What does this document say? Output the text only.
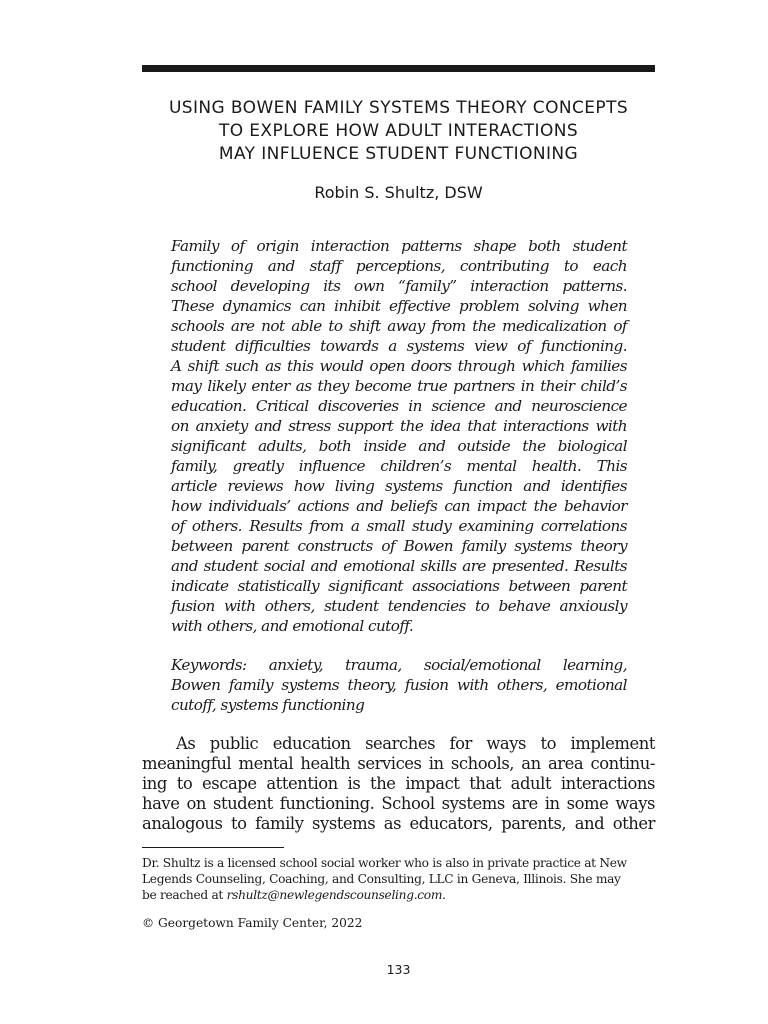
USING BOWEN FAMILY SYSTEMS THEORY CONCEPTS
TO EXPLORE HOW ADULT INTERACTIONS
MAY INFLUENCE STUDENT FUNCTIONING

Robin S. Shultz, DSW

Family of origin interaction patterns shape both student
functioning and staff perceptions, contributing to each
school developing its own “family” interaction patterns.
These dynamics can inhibit effective problem solving when
schools are not able to shift away from the medicalization of
student difficulties towards a systems view of functioning.
A shift such as this would open doors through which families
may likely enter as they become true partners in their child’s
education. Critical discoveries in science and neuroscience
on anxiety and stress support the idea that interactions with
significant adults, both inside and outside the biological
family, greatly influence children’s mental health. This
article reviews how living systems function and identifies
how individuals’ actions and beliefs can impact the behavior
of others. Results from a small study examining correlations
between parent constructs of Bowen family systems theory
and student social and emotional skills are presented. Results
indicate statistically significant associations between parent
fusion with others, student tendencies to behave anxiously
with others, and emotional cutoff.
Keywords: anxiety, trauma, social/emotional learning,
Bowen family systems theory, fusion with others, emotional
cutoff, systems functioning
As public education searches for ways to implement
meaningful mental health services in schools, an area continu-
ing to escape attention is the impact that adult interactions
have on student functioning. School systems are in some ways
analogous to family systems as educators, parents, and other
Dr. Shultz is a licensed school social worker who is also in private practice at New
Legends Counseling, Coaching, and Consulting, LLC in Geneva, Illinois. She may
be reached at rshultz@newlegendscounseling.com.

© Georgetown Family Center, 2022

133
